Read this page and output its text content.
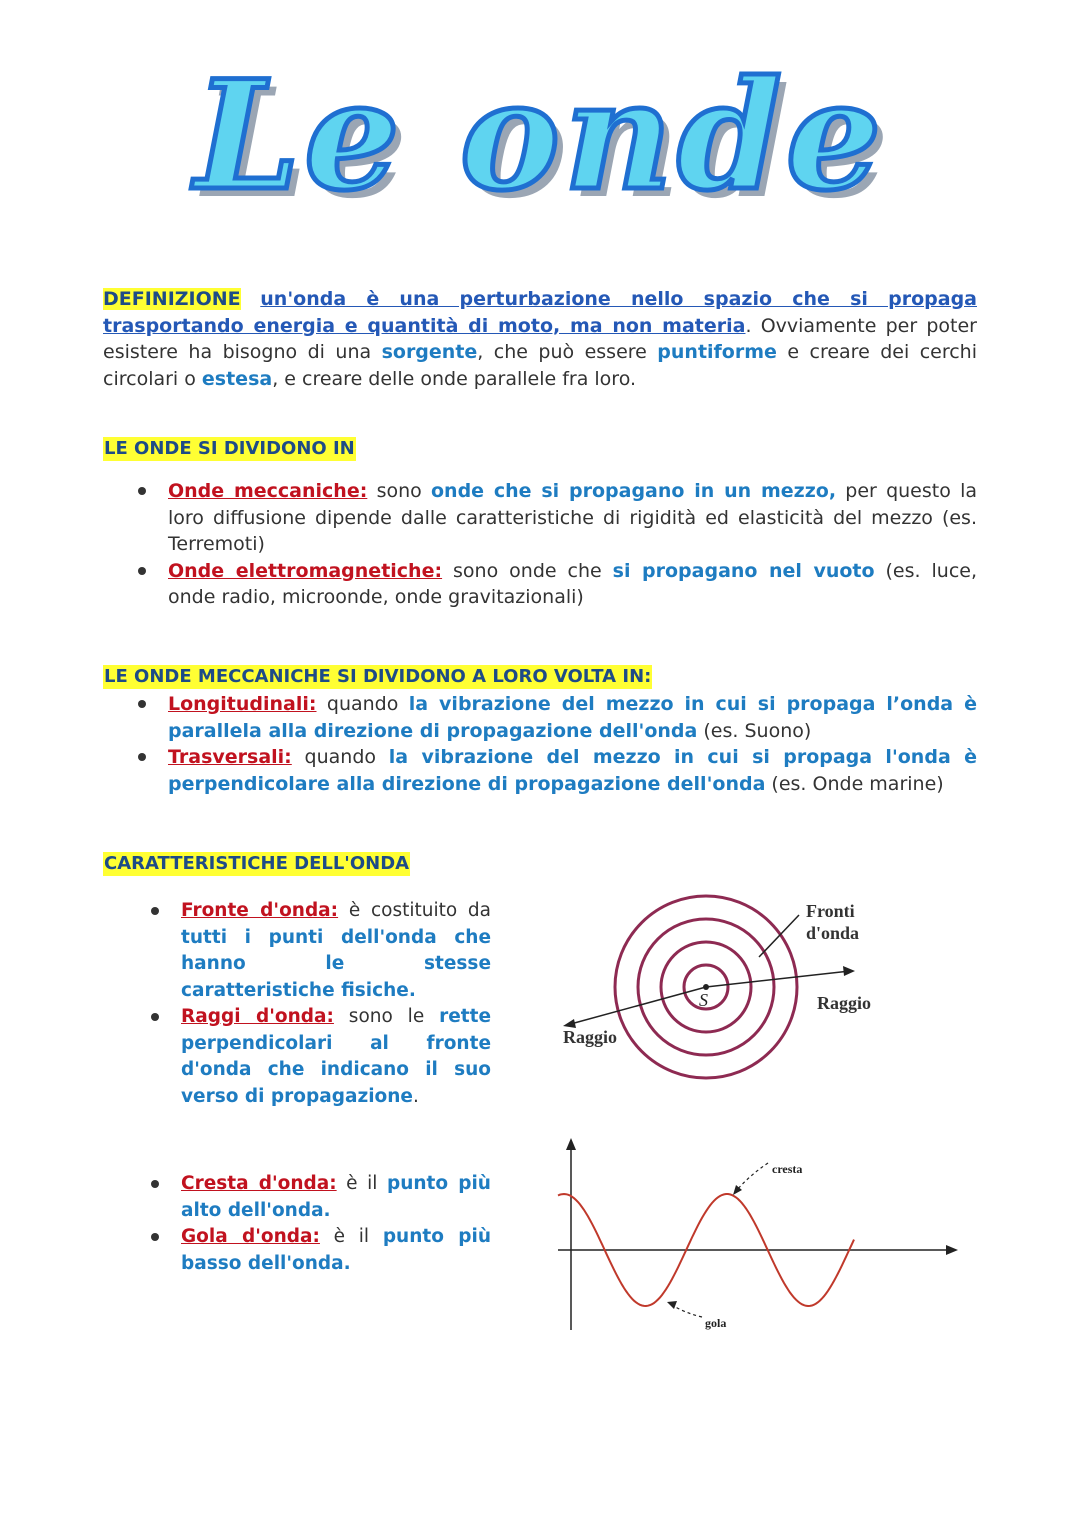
Le onde
DEFINIZIONE un'onda è una perturbazione nello spazio che si propaga trasportando energia e quantità di moto, ma non materia. Ovviamente per poter esistere ha bisogno di una sorgente, che può essere puntiforme e creare dei cerchi circolari o estesa, e creare delle onde parallele fra loro.
LE ONDE SI DIVIDONO IN
Onde meccaniche: sono onde che si propagano in un mezzo, per questo la loro diffusione dipende dalle caratteristiche di rigidità ed elasticità del mezzo (es. Terremoti)
Onde elettromagnetiche: sono onde che si propagano nel vuoto (es. luce, onde radio, microonde, onde gravitazionali)
LE ONDE MECCANICHE SI DIVIDONO A LORO VOLTA IN:
Longitudinali: quando la vibrazione del mezzo in cui si propaga l’onda è parallela alla direzione di propagazione dell'onda (es. Suono)
Trasversali: quando la vibrazione del mezzo in cui si propaga l'onda è perpendicolare alla direzione di propagazione dell'onda (es. Onde marine)
CARATTERISTICHE DELL'ONDA
Fronte d'onda: è costituito da tutti i punti dell'onda che hanno le stesse caratteristiche fisiche.
Raggi d'onda: sono le rette perpendicolari al fronte d'onda che indicano il suo verso di propagazione.
Cresta d'onda: è il punto più alto dell'onda.
Gola d'onda: è il punto più basso dell'onda.
S
Fronti
d'onda
Raggio
Raggio
cresta
gola
